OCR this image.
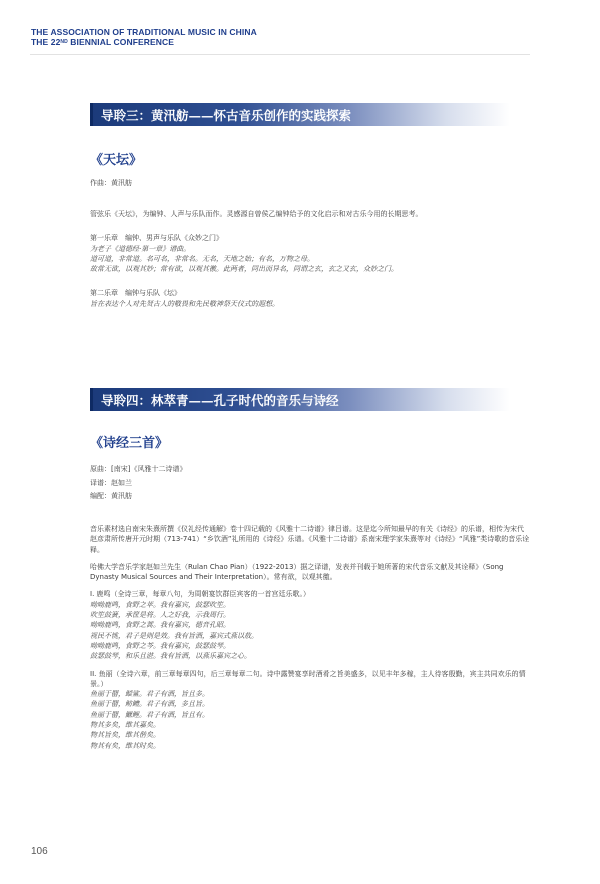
THE ASSOCIATION OF TRADITIONAL MUSIC IN CHINA
THE 22ND BIENNIAL CONFERENCE
导聆三：黄汛舫——怀古音乐创作的实践探索
《天坛》

作曲：黄汛舫

管弦乐《天坛》，为编钟、人声与乐队而作。灵感源自曾侯乙编钟给予的文化启示和对古乐今用的长期思考。

第一乐章　编钟、男声与乐队《众妙之门》

为老子《道德经·第一章》谱曲。

道可道，非常道。名可名，非常名。无名，天地之始；有名，万物之母。

故常无欲，以观其妙；常有欲，以观其徼。此两者，同出而异名，同谓之玄，玄之又玄，众妙之门。

第二乐章　编钟与乐队《坛》

旨在表达个人对先贤古人的敬畏和先民敬神祭天仪式的遐想。

导聆四：林萃青——孔子时代的音乐与诗经
《诗经三首》

原曲：[南宋]《风雅十二诗谱》

译谱：赵如兰

编配：黄汛舫

音乐素材选自南宋朱熹所撰《仪礼经传通解》卷十四记载的《风雅十二诗谱》律吕谱。这是迄今所知最早的有关《诗经》的乐谱，相传为宋代赵彦肃所传唐开元时期（713-741）“乡饮酒”礼所用的《诗经》乐谱。《风雅十二诗谱》系南宋理学家朱熹等对《诗经》“风雅”类诗歌的音乐诠释。

哈佛大学音乐学家赵如兰先生（Rulan Chao Pian）（1922-2013）据之译谱，发表并刊载于她所著的宋代音乐文献及其诠释》（Song Dynasty Musical Sources and Their Interpretation）。常有欲，以观其徼。

I. 鹿鸣（全诗三章，每章八句，为周朝宴饮群臣宾客的一首宫廷乐歌。）

呦呦鹿鸣，食野之苹。我有嘉宾，鼓瑟吹笙。

吹笙鼓簧，承筐是将。人之好我，示我周行。

呦呦鹿鸣，食野之蒿。我有嘉宾，德音孔昭。

视民不恌，君子是则是效。我有旨酒，嘉宾式燕以敖。

呦呦鹿鸣，食野之芩。我有嘉宾，鼓瑟鼓琴。

鼓瑟鼓琴，和乐且湛。我有旨酒，以燕乐嘉宾之心。

II. 鱼丽（全诗六章，前三章每章四句，后三章每章二句。诗中露赞宴享时酒肴之旨美盛多，以见丰年多稼，主人待客殷勤，宾主共同欢乐的情景。）

鱼丽于罶，鲿鲨。君子有酒，旨且多。

鱼丽于罶，鲂鳢。君子有酒，多且旨。

鱼丽于罶，鰋鲤。君子有酒，旨且有。

物其多矣，维其嘉矣。

物其旨矣，维其偕矣。

物其有矣，维其时矣。

106
